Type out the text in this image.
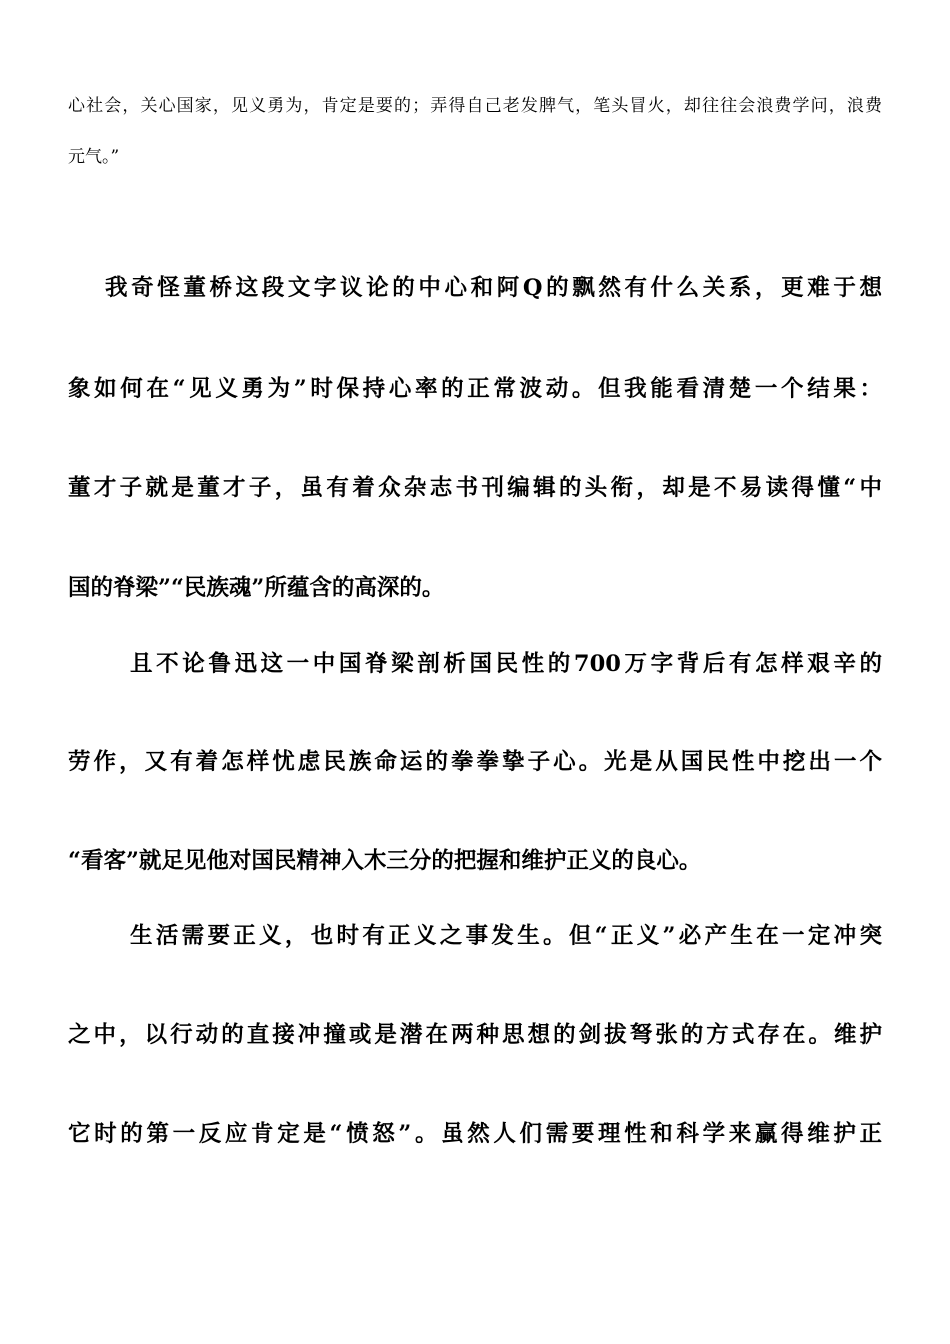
心社会，关心国家，见义勇为，肯定是要的；弄得自己老发脾气，笔头冒火，却往往会浪费学问，浪费
元气。”
我奇怪董桥这段文字议论的中心和阿Q的飘然有什么关系，更难于想
象如何在“见义勇为”时保持心率的正常波动。但我能看清楚一个结果：
董才子就是董才子，虽有着众杂志书刊编辑的头衔，却是不易读得懂“中
国的脊梁”“民族魂”所蕴含的高深的。
且不论鲁迅这一中国脊梁剖析国民性的700万字背后有怎样艰辛的
劳作，又有着怎样忧虑民族命运的拳拳挚子心。光是从国民性中挖出一个
“看客”就足见他对国民精神入木三分的把握和维护正义的良心。
生活需要正义，也时有正义之事发生。但“正义”必产生在一定冲突
之中，以行动的直接冲撞或是潜在两种思想的剑拔弩张的方式存在。维护
它时的第一反应肯定是“愤怒”。虽然人们需要理性和科学来赢得维护正
